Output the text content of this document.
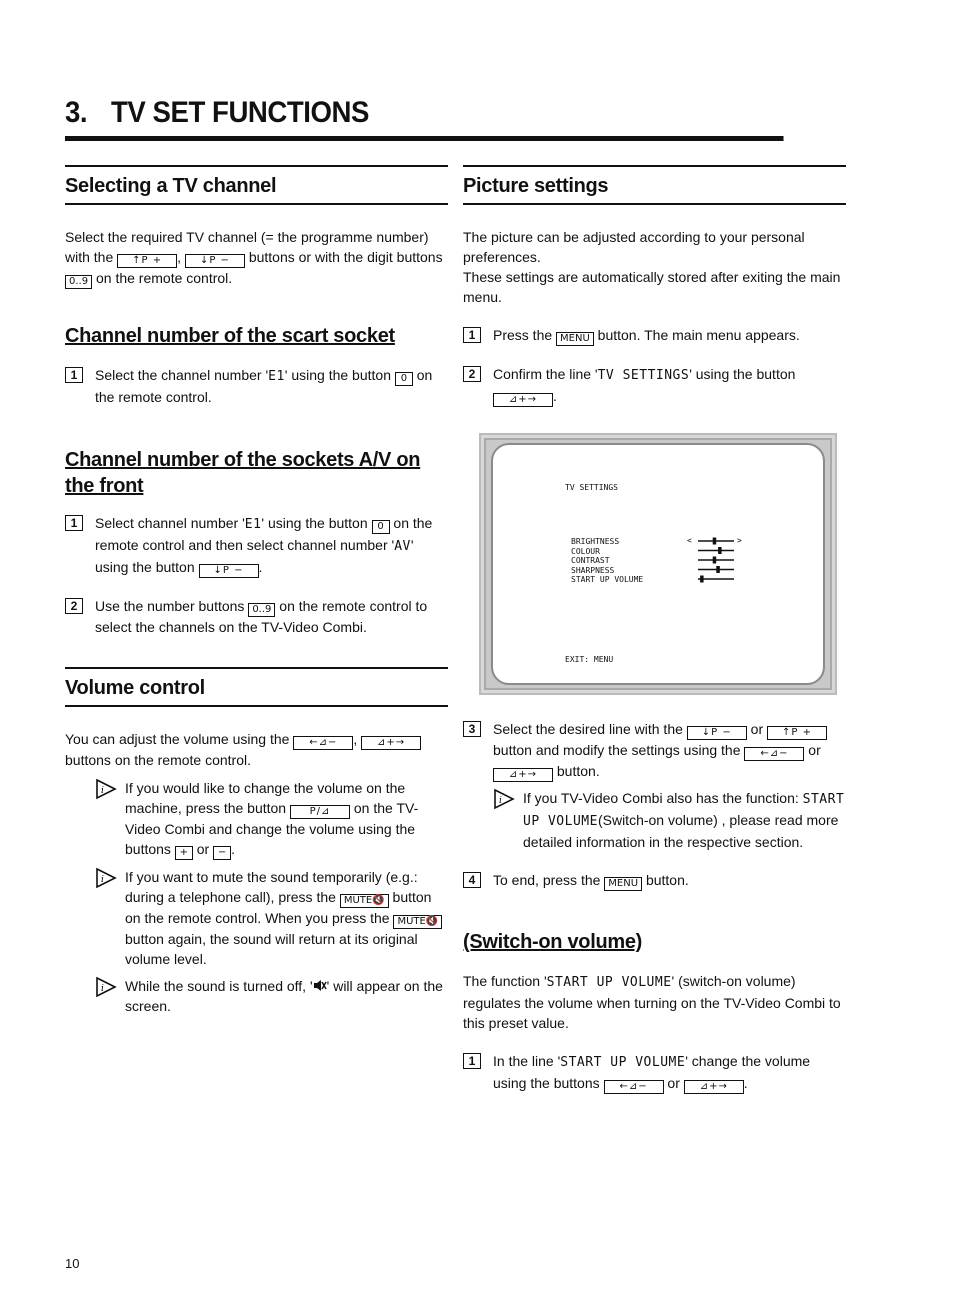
3. TV SET FUNCTIONS
Selecting a TV channel

Select the required TV channel (= the programme number) with the ↑P + , ↓P − buttons or with the digit buttons 0..9 on the remote control.

Channel number of the scart socket
1	Select the channel number 'E1' using the button 0 on the remote control.
Channel number of the sockets A/V on the front
1	Select channel number 'E1' using the button 0 on the remote control and then select channel number 'AV' using the button ↓P − .
2	Use the number buttons 0..9 on the remote control to select the channels on the TV-Video Combi.
Volume control

You can adjust the volume using the ←⊿− , ⊿+→ buttons on the remote control.

i If you would like to change the volume on the machine, press the button P/⊿ on the TV-Video Combi and change the volume using the buttons + or − .
i If you want to mute the sound temporarily (e.g.: during a telephone call), press the MUTE🔇 button on the remote control. When you press the MUTE🔇 button again, the sound will return at its original volume level.
i While the sound is turned off, ' ' will appear on the screen.
Picture settings

The picture can be adjusted according to your personal preferences.
These settings are automatically stored after exiting the main menu.

1	Press the MENU button. The main menu appears.
2	Confirm the line 'TV SETTINGS' using the button
⊿+→ .
TV SETTINGS
BRIGHTNESS
COLOUR
CONTRAST
SHARPNESS
START UP VOLUME
<	>
EXIT: MENU
3	Select the desired line with the ↓P − or ↑P + button and modify the settings using the ←⊿− or ⊿+→ button.
i If you TV-Video Combi also has the function: START UP VOLUME(Switch-on volume) , please read more detailed information in the respective section.
4	To end, press the MENU button.
(Switch-on volume)

The function 'START UP VOLUME' (switch-on volume) regulates the volume when turning on the TV-Video Combi to this preset value.

1	In the line 'START UP VOLUME' change the volume using the buttons ←⊿− or ⊿+→ .
10
